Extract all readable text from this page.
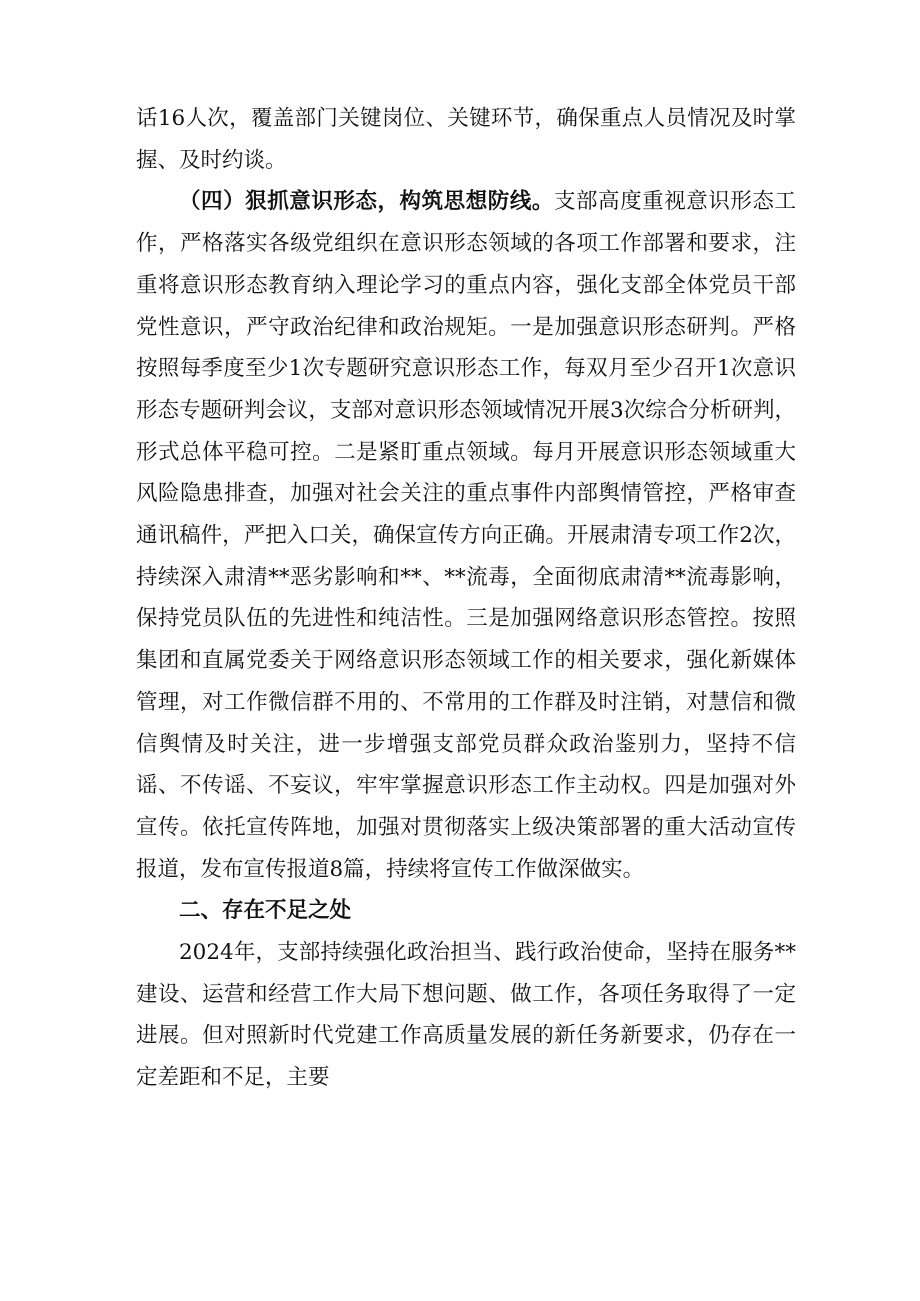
话16人次，覆盖部门关键岗位、关键环节，确保重点人员情况及时掌握、及时约谈。

（四）狠抓意识形态，构筑思想防线。支部高度重视意识形态工作，严格落实各级党组织在意识形态领域的各项工作部署和要求，注重将意识形态教育纳入理论学习的重点内容，强化支部全体党员干部党性意识，严守政治纪律和政治规矩。一是加强意识形态研判。严格按照每季度至少1次专题研究意识形态工作，每双月至少召开1次意识形态专题研判会议，支部对意识形态领域情况开展3次综合分析研判，形式总体平稳可控。二是紧盯重点领域。每月开展意识形态领域重大风险隐患排查，加强对社会关注的重点事件内部舆情管控，严格审查通讯稿件，严把入口关，确保宣传方向正确。开展肃清专项工作2次，持续深入肃清**恶劣影响和**、**流毒，全面彻底肃清**流毒影响，保持党员队伍的先进性和纯洁性。三是加强网络意识形态管控。按照集团和直属党委关于网络意识形态领域工作的相关要求，强化新媒体管理，对工作微信群不用的、不常用的工作群及时注销，对慧信和微信舆情及时关注，进一步增强支部党员群众政治鉴别力，坚持不信谣、不传谣、不妄议，牢牢掌握意识形态工作主动权。四是加强对外宣传。依托宣传阵地，加强对贯彻落实上级决策部署的重大活动宣传报道，发布宣传报道8篇，持续将宣传工作做深做实。

二、存在不足之处

2024年，支部持续强化政治担当、践行政治使命，坚持在服务**建设、运营和经营工作大局下想问题、做工作，各项任务取得了一定进展。但对照新时代党建工作高质量发展的新任务新要求，仍存在一定差距和不足，主要
